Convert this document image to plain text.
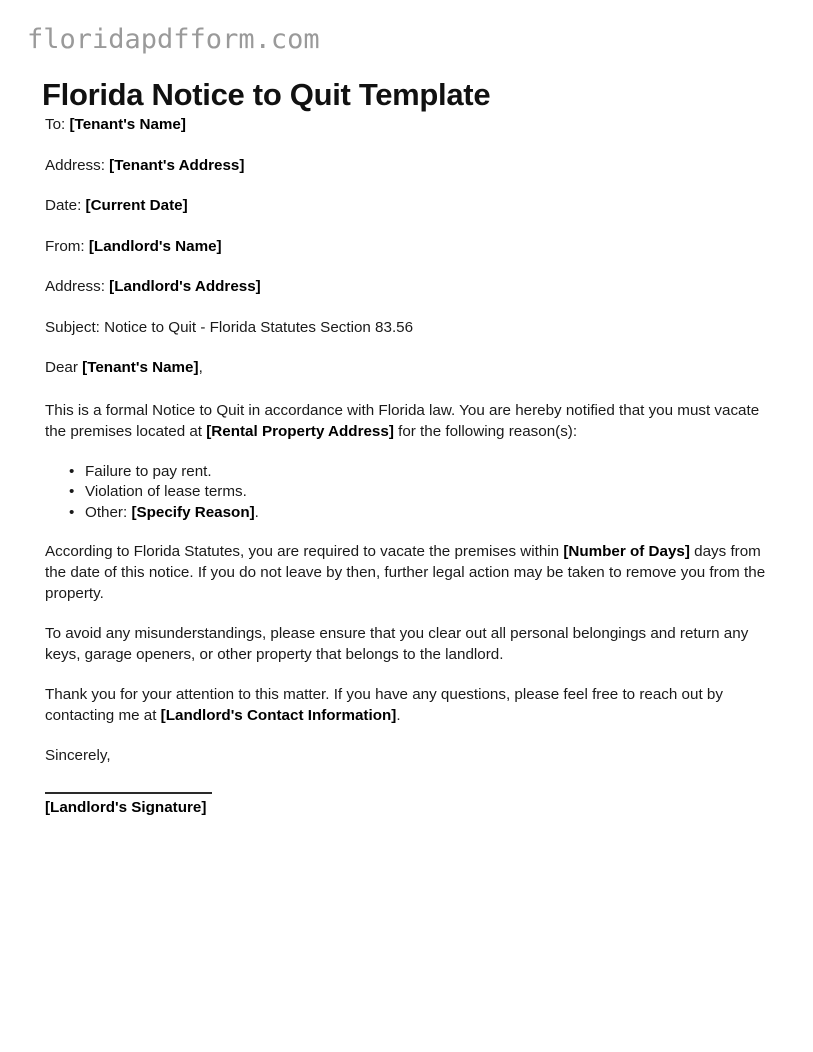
floridapdfform.com
Florida Notice to Quit Template

To: [Tenant's Name]

Address: [Tenant's Address]

Date: [Current Date]

From: [Landlord's Name]

Address: [Landlord's Address]

Subject: Notice to Quit - Florida Statutes Section 83.56

Dear [Tenant's Name],

This is a formal Notice to Quit in accordance with Florida law. You are hereby notified that you must vacate the premises located at [Rental Property Address] for the following reason(s):

• Failure to pay rent.
• Violation of lease terms.
• Other: [Specify Reason].

According to Florida Statutes, you are required to vacate the premises within [Number of Days] days from the date of this notice. If you do not leave by then, further legal action may be taken to remove you from the property.

To avoid any misunderstandings, please ensure that you clear out all personal belongings and return any keys, garage openers, or other property that belongs to the landlord.

Thank you for your attention to this matter. If you have any questions, please feel free to reach out by contacting me at [Landlord's Contact Information].

Sincerely,

[Landlord's Signature]
